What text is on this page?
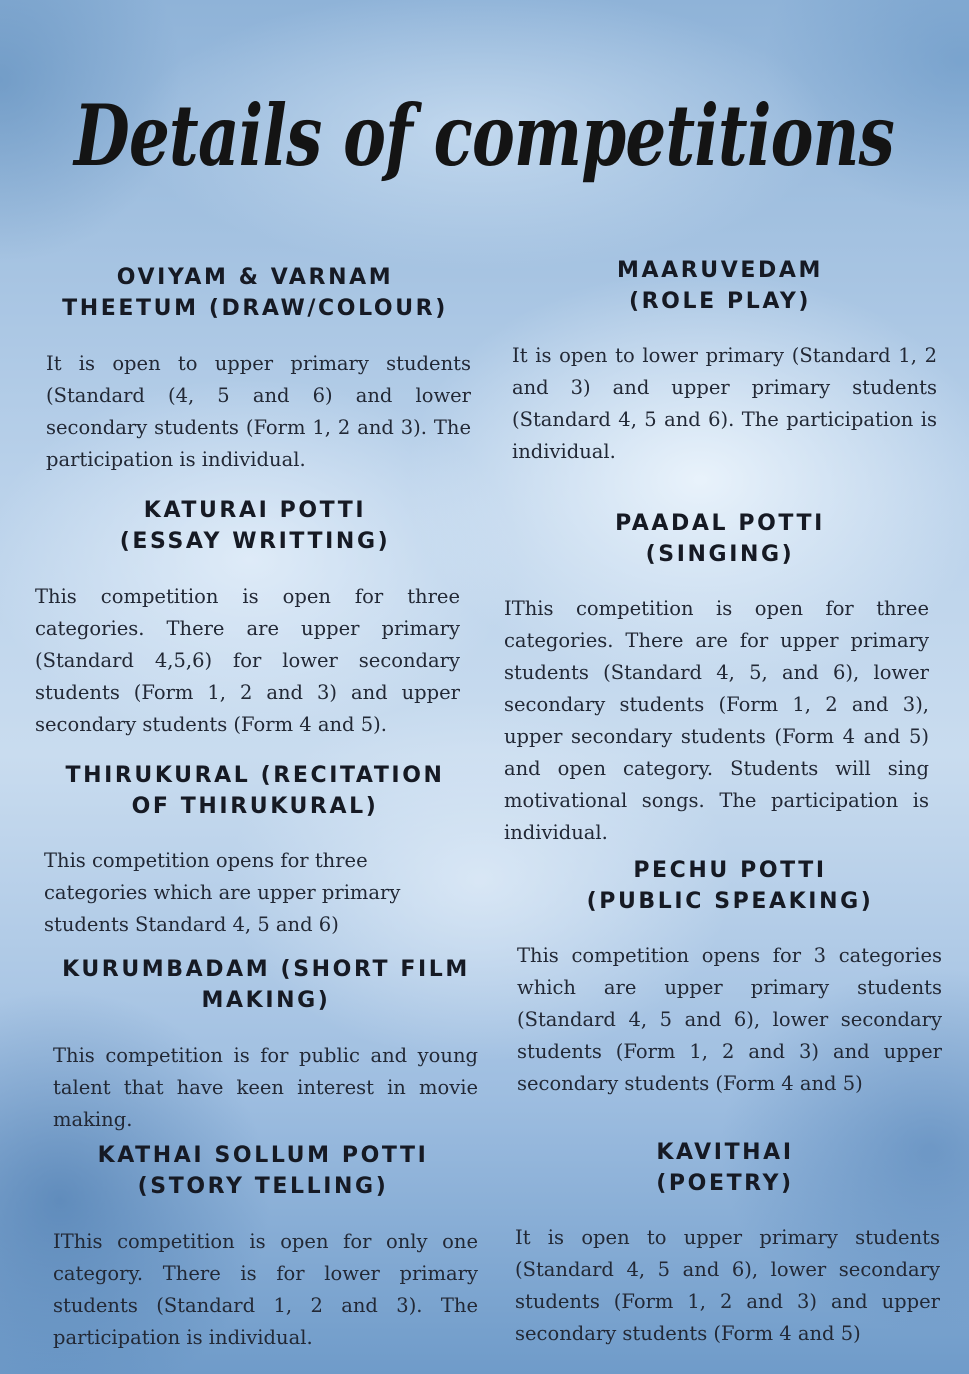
Details of competitions
OVIYAM & VARNAM
THEETUM (DRAW/COLOUR)

It is open to upper primary students (Standard (4, 5 and 6) and lower secondary students (Form 1, 2 and 3). The participation is individual.

KATURAI POTTI
(ESSAY WRITTING)

This competition is open for three categories. There are upper primary (Standard 4,5,6) for lower secondary students (Form 1, 2 and 3) and upper secondary students (Form 4 and 5).

THIRUKURAL (RECITATION
OF THIRUKURAL)

This competition opens for three categories which are upper primary students Standard 4, 5 and 6)

KURUMBADAM (SHORT FILM
MAKING)

This competition is for public and young talent that have keen interest in movie making.

KATHAI SOLLUM POTTI
(STORY TELLING)

IThis competition is open for only one category. There is for lower primary students (Standard 1, 2 and 3). The participation is individual.

MAARUVEDAM
(ROLE PLAY)

It is open to lower primary (Standard 1, 2 and 3) and upper primary students (Standard 4, 5 and 6). The participation is individual.

PAADAL POTTI
(SINGING)

IThis competition is open for three categories. There are for upper primary students (Standard 4, 5, and 6), lower secondary students (Form 1, 2 and 3), upper secondary students (Form 4 and 5) and open category. Students will sing motivational songs. The participation is individual.

PECHU POTTI
(PUBLIC SPEAKING)

This competition opens for 3 categories which are upper primary students (Standard 4, 5 and 6), lower secondary students (Form 1, 2 and 3) and upper secondary students (Form 4 and 5)

KAVITHAI
(POETRY)

It is open to upper primary students (Standard 4, 5 and 6), lower secondary students (Form 1, 2 and 3) and upper secondary students (Form 4 and 5)
